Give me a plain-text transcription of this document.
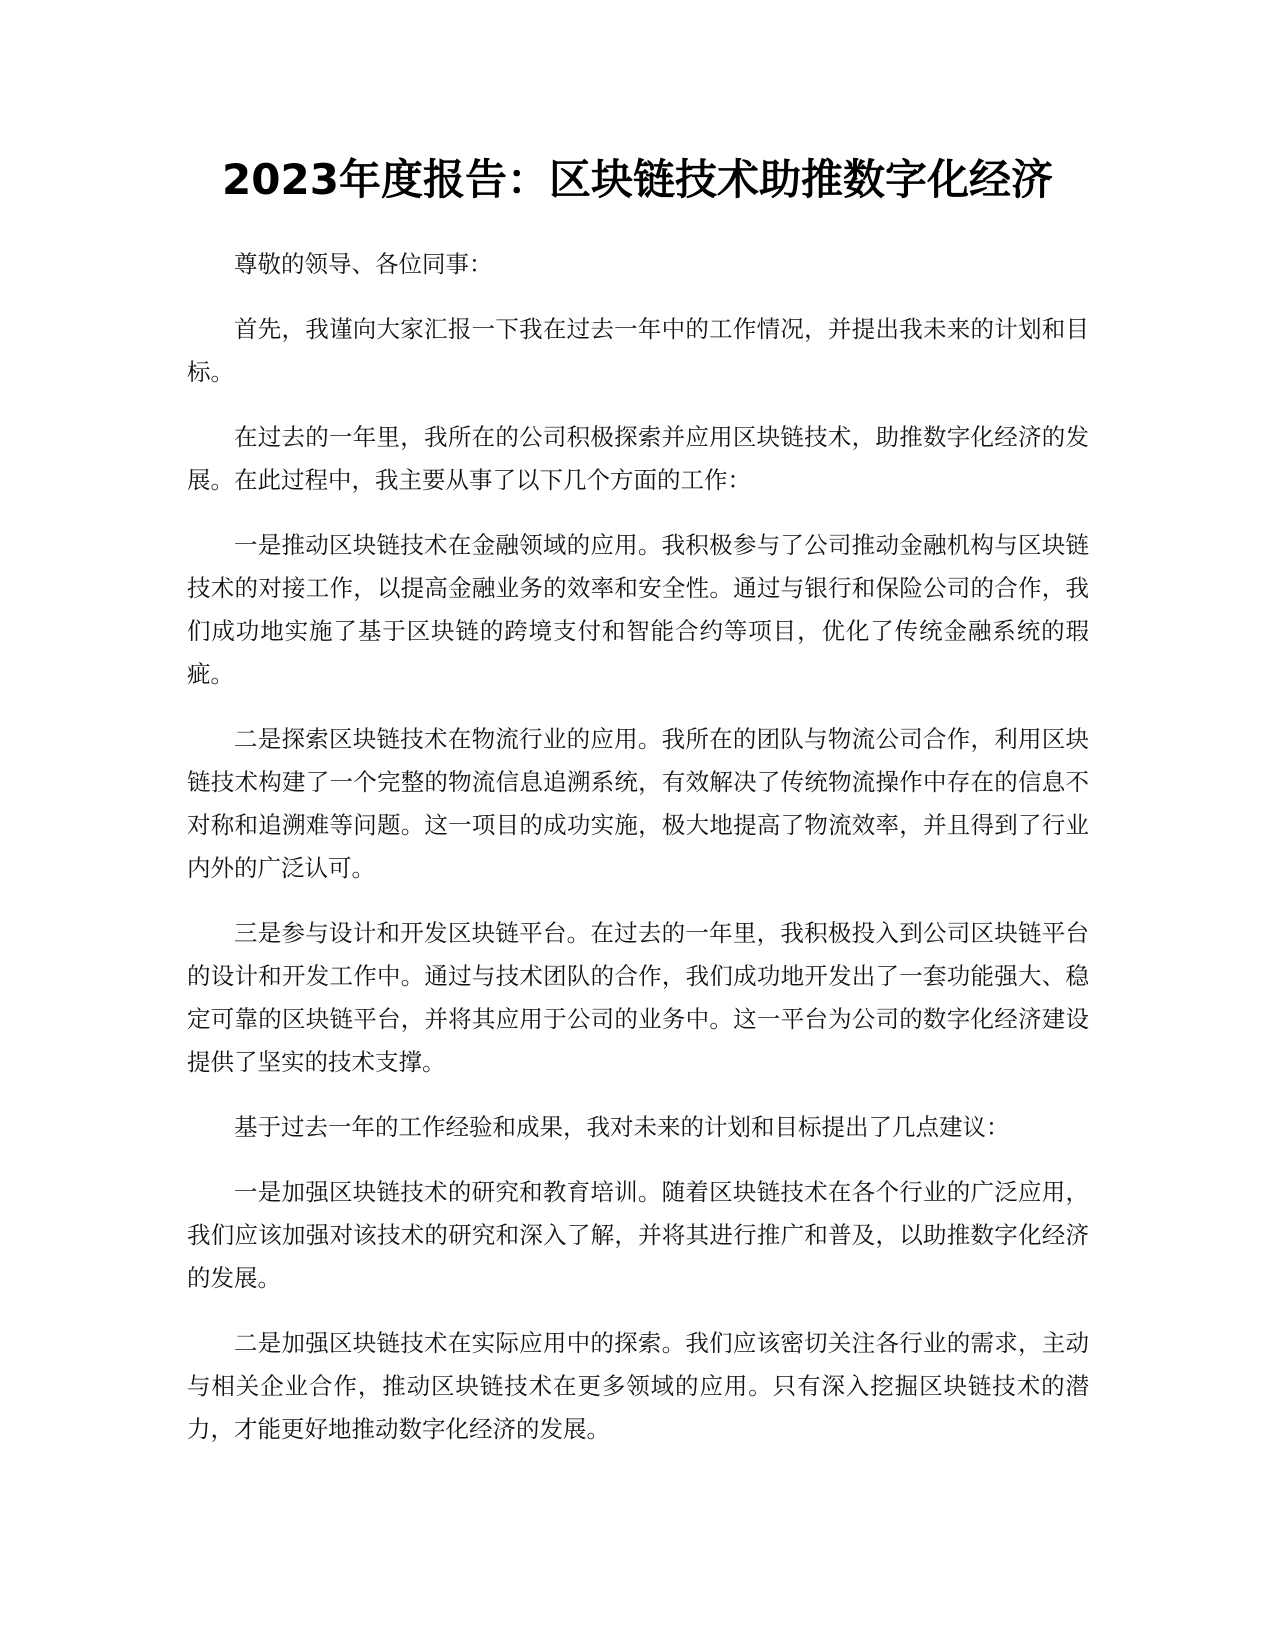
2023年度报告：区块链技术助推数字化经济

尊敬的领导、各位同事：

首先，我谨向大家汇报一下我在过去一年中的工作情况，并提出我未来的计划和目标。

在过去的一年里，我所在的公司积极探索并应用区块链技术，助推数字化经济的发展。在此过程中，我主要从事了以下几个方面的工作：

一是推动区块链技术在金融领域的应用。我积极参与了公司推动金融机构与区块链技术的对接工作，以提高金融业务的效率和安全性。通过与银行和保险公司的合作，我们成功地实施了基于区块链的跨境支付和智能合约等项目，优化了传统金融系统的瑕疵。

二是探索区块链技术在物流行业的应用。我所在的团队与物流公司合作，利用区块链技术构建了一个完整的物流信息追溯系统，有效解决了传统物流操作中存在的信息不对称和追溯难等问题。这一项目的成功实施，极大地提高了物流效率，并且得到了行业内外的广泛认可。

三是参与设计和开发区块链平台。在过去的一年里，我积极投入到公司区块链平台的设计和开发工作中。通过与技术团队的合作，我们成功地开发出了一套功能强大、稳定可靠的区块链平台，并将其应用于公司的业务中。这一平台为公司的数字化经济建设提供了坚实的技术支撑。

基于过去一年的工作经验和成果，我对未来的计划和目标提出了几点建议：

一是加强区块链技术的研究和教育培训。随着区块链技术在各个行业的广泛应用，我们应该加强对该技术的研究和深入了解，并将其进行推广和普及，以助推数字化经济的发展。

二是加强区块链技术在实际应用中的探索。我们应该密切关注各行业的需求，主动与相关企业合作，推动区块链技术在更多领域的应用。只有深入挖掘区块链技术的潜力，才能更好地推动数字化经济的发展。
